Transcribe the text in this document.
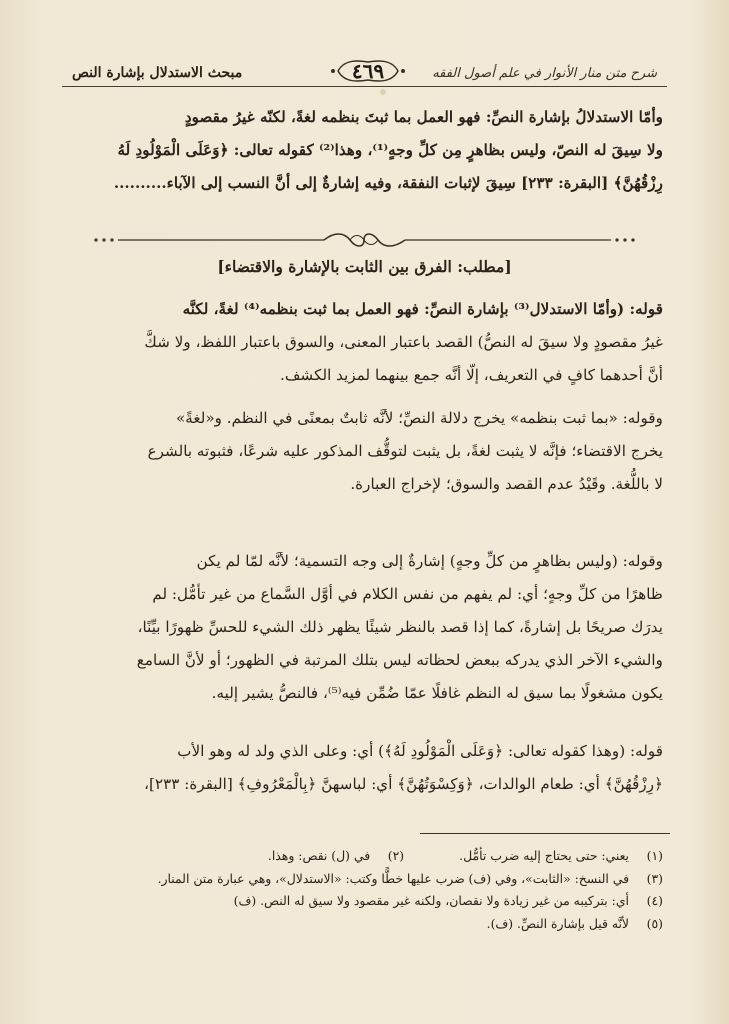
شرح متن منار الأنوار في علم أصول الفقه
مبحث الاستدلال بإشارة النص	٤٦٩
وأمّا الاستدلالُ بإشارة النصِّ: فهو العمل بما ثبتَ بنظمه لغةً، لكنّه غيرُ مقصودٍ
ولا سِيقَ له النصّ، وليس بظاهرٍ مِن كلِّ وجهٍ⁽¹⁾، وهذا⁽²⁾ كقوله تعالى: ﴿وَعَلَى الْمَوْلُودِ لَهُ
رِزْقُهُنَّ﴾ [البقرة: ٢٣٣] سِيقَ لإثبات النفقة، وفيه إشارةٌ إلى أنَّ النسب إلى الآباء..........
[مطلب: الفرق بين الثابت بالإشارة والاقتضاء]
قوله: (وأمّا الاستدلال⁽³⁾ بإشارة النصِّ: فهو العمل بما ثبت بنظمه⁽⁴⁾ لغةً، لكنَّه
غيرُ مقصودٍ ولا سيقَ له النصُّ) القصد باعتبار المعنى، والسوق باعتبار اللفظ، ولا شكَّ
أنَّ أحدهما كافٍ في التعريف، إلّا أنَّه جمع بينهما لمزيد الكشف.
وقوله: «بما ثبت بنظمه» يخرج دلالة النصِّ؛ لأنَّه ثابتٌ بمعنًى في النظم. و«لغةً»
يخرج الاقتضاء؛ فإنَّه لا يثبت لغةً، بل يثبت لتوقُّف المذكور عليه شرعًا، فثبوته بالشرع
لا باللُّغة. وقَيْدُ عدم القصد والسوق؛ لإخراج العبارة.
وقوله: (وليس بظاهرٍ من كلِّ وجهٍ) إشارةٌ إلى وجه التسمية؛ لأنَّه لمّا لم يكن
ظاهرًا من كلِّ وجهٍ؛ أي: لم يفهم من نفس الكلام في أوَّل السَّماع من غير تأمُّل: لم
يدرَك صريحًا بل إشارةً، كما إذا قصد بالنظر شيئًا يظهر ذلك الشيء للحسِّ ظهورًا بيِّنًا،
والشيء الآخر الذي يدركه ببعض لحظاته ليس بتلك المرتبة في الظهور؛ أو لأنَّ السامع
يكون مشغولًا بما سيق له النظم غافلًا عمّا ضُمِّن فيه⁽⁵⁾، فالنصُّ يشير إليه.
قوله: (وهذا كقوله تعالى: ﴿وَعَلَى الْمَوْلُودِ لَهُ﴾) أي: وعلى الذي ولد له وهو الأب
﴿رِزْقُهُنَّ﴾ أي: طعام الوالدات، ﴿وَكِسْوَتُهُنَّ﴾ أي: لباسهنَّ ﴿بِالْمَعْرُوفِ﴾ [البقرة: ٢٣٣]،
(١)
يعني: حتى يحتاج إليه ضرب تأمُّل.
(٢)
في (ل) نقص: وهذا.
(٣)
في النسخ: «الثابت»، وفي (ف) ضرب عليها خطًّا وكتب: «الاستدلال»، وهي عبارة متن المنار.
(٤)
أي: بتركيبه من غير زيادة ولا نقصان، ولكنه غير مقصود ولا سيق له النص. (ف)
(٥)
لأنَّه قيل بإشارة النصِّ. (ف).
